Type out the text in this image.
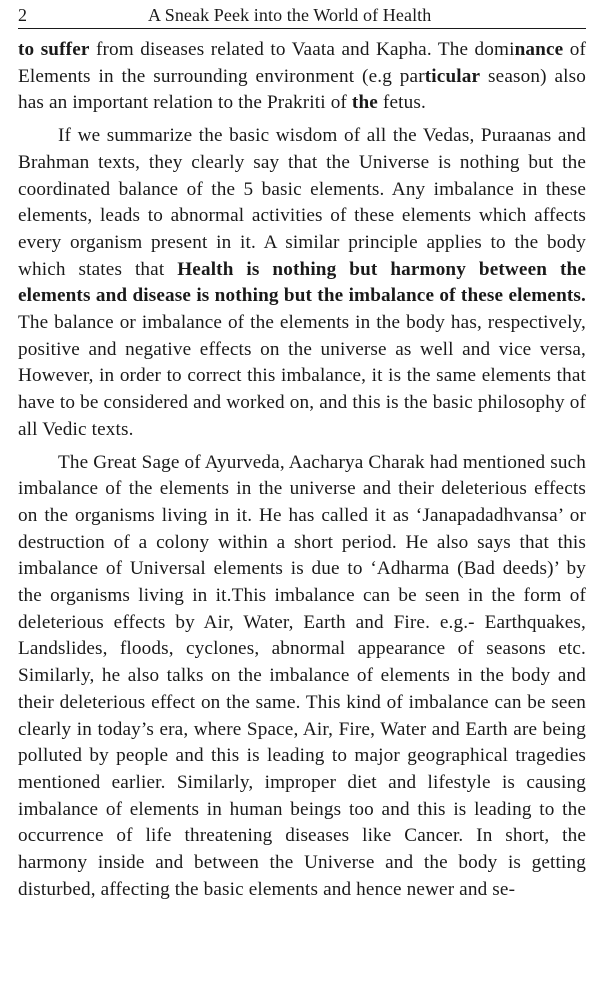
2	A Sneak Peek into the World of Health

to suffer from diseases related to Vaata and Kapha. The dominance of Elements in the surrounding environment (e.g particular season) also has an important relation to the Prakriti of the fetus.

If we summarize the basic wisdom of all the Vedas, Puraanas and Brahman texts, they clearly say that the Universe is nothing but the coordinated balance of the 5 basic elements. Any imbalance in these elements, leads to abnormal activities of these elements which affects every organism present in it. A similar principle applies to the body which states that Health is nothing but harmony between the elements and disease is nothing but the imbalance of these elements. The balance or imbalance of the elements in the body has, respectively, positive and negative effects on the universe as well and vice versa, However, in order to correct this imbalance, it is the same elements that have to be considered and worked on, and this is the basic philosophy of all Vedic texts.

The Great Sage of Ayurveda, Aacharya Charak had mentioned such imbalance of the elements in the universe and their deleterious effects on the organisms living in it. He has called it as ‘Janapadadhvansa’ or destruction of a colony within a short period. He also says that this imbalance of Universal elements is due to ‘Adharma (Bad deeds)’ by the organisms living in it.This imbalance can be seen in the form of deleterious effects by Air, Water, Earth and Fire. e.g.- Earthquakes, Landslides, floods, cyclones, abnormal appearance of seasons etc. Similarly, he also talks on the imbalance of elements in the body and their deleterious effect on the same. This kind of imbalance can be seen clearly in today’s era, where Space, Air, Fire, Water and Earth are being polluted by people and this is leading to major geographical tragedies mentioned earlier. Similarly, improper diet and lifestyle is causing imbalance of elements in human beings too and this is leading to the occurrence of life threatening diseases like Cancer. In short, the harmony inside and between the Universe and the body is getting disturbed, affecting the basic elements and hence newer and se-
